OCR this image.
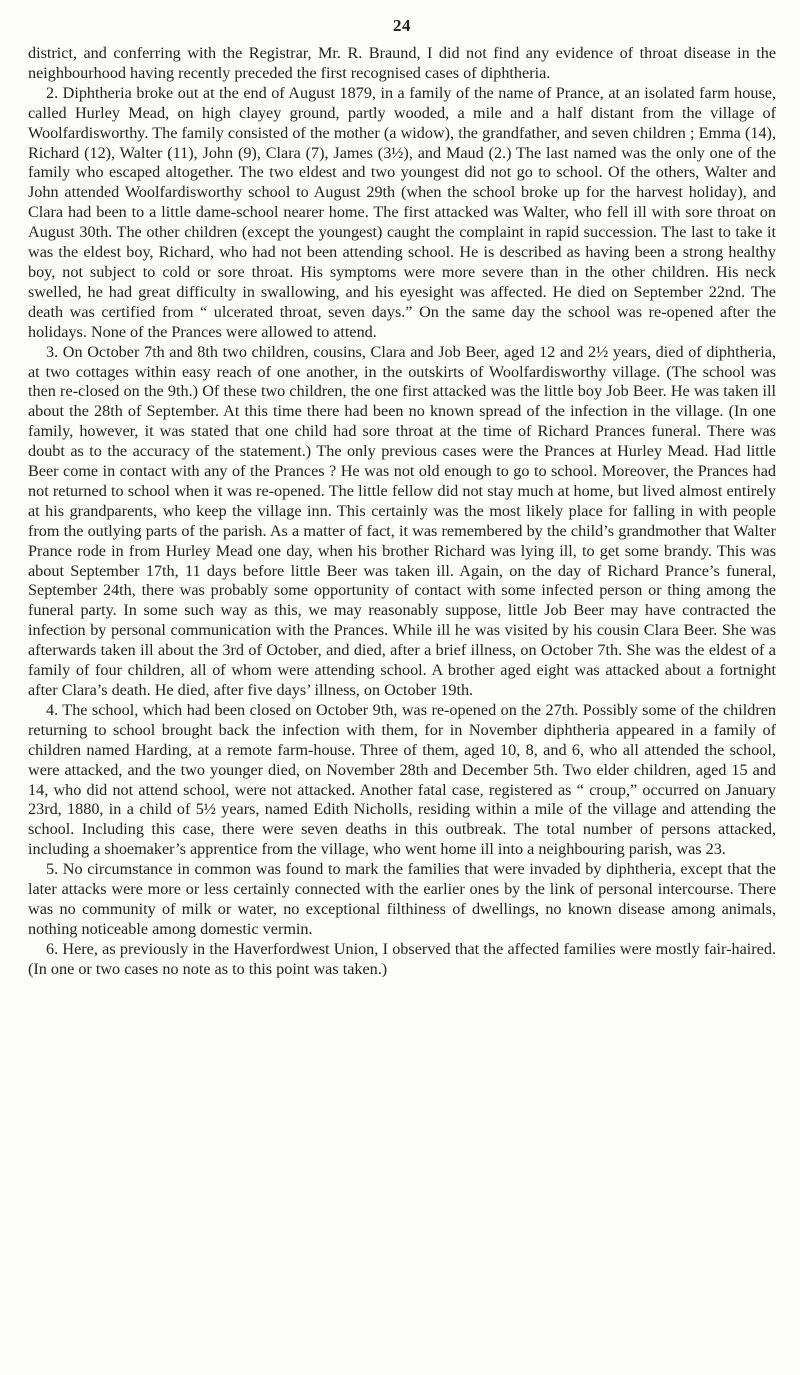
24

district, and conferring with the Registrar, Mr. R. Braund, I did not find any evidence of throat disease in the neighbourhood having recently preceded the first recognised cases of diphtheria.

2. Diphtheria broke out at the end of August 1879, in a family of the name of Prance, at an isolated farm house, called Hurley Mead, on high clayey ground, partly wooded, a mile and a half distant from the village of Woolfardisworthy. The family consisted of the mother (a widow), the grandfather, and seven children ; Emma (14), Richard (12), Walter (11), John (9), Clara (7), James (3½), and Maud (2.) The last named was the only one of the family who escaped altogether. The two eldest and two youngest did not go to school. Of the others, Walter and John attended Woolfardisworthy school to August 29th (when the school broke up for the harvest holiday), and Clara had been to a little dame-school nearer home. The first attacked was Walter, who fell ill with sore throat on August 30th. The other children (except the youngest) caught the complaint in rapid succession. The last to take it was the eldest boy, Richard, who had not been attending school. He is described as having been a strong healthy boy, not subject to cold or sore throat. His symptoms were more severe than in the other children. His neck swelled, he had great difficulty in swallowing, and his eyesight was affected. He died on September 22nd. The death was certified from “ ulcerated throat, seven days.” On the same day the school was re-opened after the holidays. None of the Prances were allowed to attend.

3. On October 7th and 8th two children, cousins, Clara and Job Beer, aged 12 and 2½ years, died of diphtheria, at two cottages within easy reach of one another, in the outskirts of Woolfardisworthy village. (The school was then re-closed on the 9th.) Of these two children, the one first attacked was the little boy Job Beer. He was taken ill about the 28th of September. At this time there had been no known spread of the infection in the village. (In one family, however, it was stated that one child had sore throat at the time of Richard Prances funeral. There was doubt as to the accuracy of the statement.) The only previous cases were the Prances at Hurley Mead. Had little Beer come in contact with any of the Prances ? He was not old enough to go to school. Moreover, the Prances had not returned to school when it was re-opened. The little fellow did not stay much at home, but lived almost entirely at his grandparents, who keep the village inn. This certainly was the most likely place for falling in with people from the outlying parts of the parish. As a matter of fact, it was remembered by the child’s grandmother that Walter Prance rode in from Hurley Mead one day, when his brother Richard was lying ill, to get some brandy. This was about September 17th, 11 days before little Beer was taken ill. Again, on the day of Richard Prance’s funeral, September 24th, there was probably some opportunity of contact with some infected person or thing among the funeral party. In some such way as this, we may reasonably suppose, little Job Beer may have contracted the infection by personal communication with the Prances. While ill he was visited by his cousin Clara Beer. She was afterwards taken ill about the 3rd of October, and died, after a brief illness, on October 7th. She was the eldest of a family of four children, all of whom were attending school. A brother aged eight was attacked about a fortnight after Clara’s death. He died, after five days’ illness, on October 19th.

4. The school, which had been closed on October 9th, was re-opened on the 27th. Possibly some of the children returning to school brought back the infection with them, for in November diphtheria appeared in a family of children named Harding, at a remote farm-house. Three of them, aged 10, 8, and 6, who all attended the school, were attacked, and the two younger died, on November 28th and December 5th. Two elder children, aged 15 and 14, who did not attend school, were not attacked. Another fatal case, registered as “ croup,” occurred on January 23rd, 1880, in a child of 5½ years, named Edith Nicholls, residing within a mile of the village and attending the school. Including this case, there were seven deaths in this outbreak. The total number of persons attacked, including a shoemaker’s apprentice from the village, who went home ill into a neighbouring parish, was 23.

5. No circumstance in common was found to mark the families that were invaded by diphtheria, except that the later attacks were more or less certainly connected with the earlier ones by the link of personal intercourse. There was no community of milk or water, no exceptional filthiness of dwellings, no known disease among animals, nothing noticeable among domestic vermin.

6. Here, as previously in the Haverfordwest Union, I observed that the affected families were mostly fair-haired. (In one or two cases no note as to this point was taken.)
